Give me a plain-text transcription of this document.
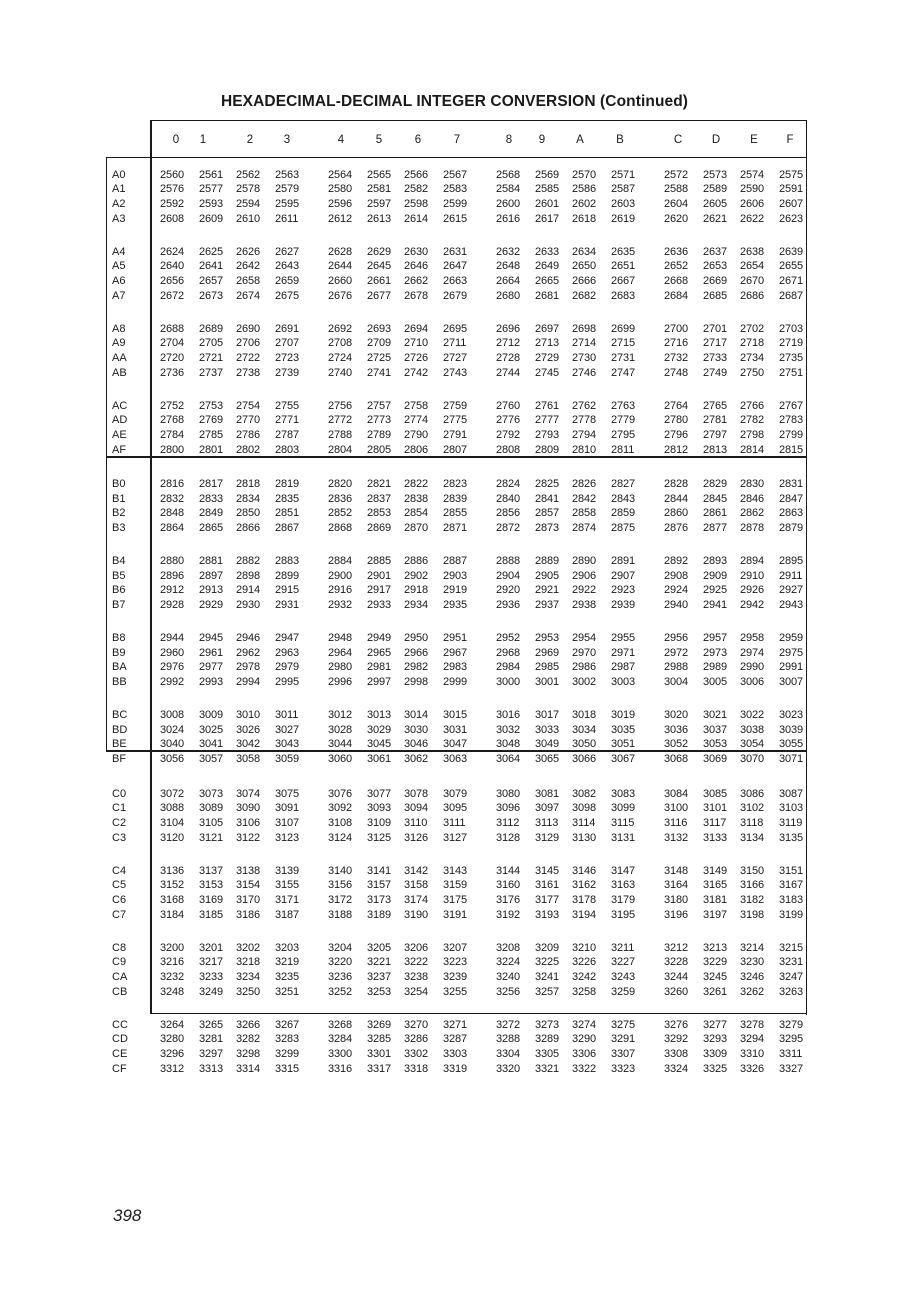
HEXADECIMAL-DECIMAL INTEGER CONVERSION (Continued)
0	1	2	3	4	5	6	7	8	9	A	B	C	D	E	F
A0	2560	2561	2562	2563	2564	2565	2566	2567	2568	2569	2570	2571	2572	2573	2574	2575
A1	2576	2577	2578	2579	2580	2581	2582	2583	2584	2585	2586	2587	2588	2589	2590	2591
A2	2592	2593	2594	2595	2596	2597	2598	2599	2600	2601	2602	2603	2604	2605	2606	2607
A3	2608	2609	2610	2611	2612	2613	2614	2615	2616	2617	2618	2619	2620	2621	2622	2623
A4	2624	2625	2626	2627	2628	2629	2630	2631	2632	2633	2634	2635	2636	2637	2638	2639
A5	2640	2641	2642	2643	2644	2645	2646	2647	2648	2649	2650	2651	2652	2653	2654	2655
A6	2656	2657	2658	2659	2660	2661	2662	2663	2664	2665	2666	2667	2668	2669	2670	2671
A7	2672	2673	2674	2675	2676	2677	2678	2679	2680	2681	2682	2683	2684	2685	2686	2687
A8	2688	2689	2690	2691	2692	2693	2694	2695	2696	2697	2698	2699	2700	2701	2702	2703
A9	2704	2705	2706	2707	2708	2709	2710	2711	2712	2713	2714	2715	2716	2717	2718	2719
AA	2720	2721	2722	2723	2724	2725	2726	2727	2728	2729	2730	2731	2732	2733	2734	2735
AB	2736	2737	2738	2739	2740	2741	2742	2743	2744	2745	2746	2747	2748	2749	2750	2751
AC	2752	2753	2754	2755	2756	2757	2758	2759	2760	2761	2762	2763	2764	2765	2766	2767
AD	2768	2769	2770	2771	2772	2773	2774	2775	2776	2777	2778	2779	2780	2781	2782	2783
AE	2784	2785	2786	2787	2788	2789	2790	2791	2792	2793	2794	2795	2796	2797	2798	2799
AF	2800	2801	2802	2803	2804	2805	2806	2807	2808	2809	2810	2811	2812	2813	2814	2815
B0	2816	2817	2818	2819	2820	2821	2822	2823	2824	2825	2826	2827	2828	2829	2830	2831
B1	2832	2833	2834	2835	2836	2837	2838	2839	2840	2841	2842	2843	2844	2845	2846	2847
B2	2848	2849	2850	2851	2852	2853	2854	2855	2856	2857	2858	2859	2860	2861	2862	2863
B3	2864	2865	2866	2867	2868	2869	2870	2871	2872	2873	2874	2875	2876	2877	2878	2879
B4	2880	2881	2882	2883	2884	2885	2886	2887	2888	2889	2890	2891	2892	2893	2894	2895
B5	2896	2897	2898	2899	2900	2901	2902	2903	2904	2905	2906	2907	2908	2909	2910	2911
B6	2912	2913	2914	2915	2916	2917	2918	2919	2920	2921	2922	2923	2924	2925	2926	2927
B7	2928	2929	2930	2931	2932	2933	2934	2935	2936	2937	2938	2939	2940	2941	2942	2943
B8	2944	2945	2946	2947	2948	2949	2950	2951	2952	2953	2954	2955	2956	2957	2958	2959
B9	2960	2961	2962	2963	2964	2965	2966	2967	2968	2969	2970	2971	2972	2973	2974	2975
BA	2976	2977	2978	2979	2980	2981	2982	2983	2984	2985	2986	2987	2988	2989	2990	2991
BB	2992	2993	2994	2995	2996	2997	2998	2999	3000	3001	3002	3003	3004	3005	3006	3007
BC	3008	3009	3010	3011	3012	3013	3014	3015	3016	3017	3018	3019	3020	3021	3022	3023
BD	3024	3025	3026	3027	3028	3029	3030	3031	3032	3033	3034	3035	3036	3037	3038	3039
BE	3040	3041	3042	3043	3044	3045	3046	3047	3048	3049	3050	3051	3052	3053	3054	3055
BF	3056	3057	3058	3059	3060	3061	3062	3063	3064	3065	3066	3067	3068	3069	3070	3071
C0	3072	3073	3074	3075	3076	3077	3078	3079	3080	3081	3082	3083	3084	3085	3086	3087
C1	3088	3089	3090	3091	3092	3093	3094	3095	3096	3097	3098	3099	3100	3101	3102	3103
C2	3104	3105	3106	3107	3108	3109	3110	3111	3112	3113	3114	3115	3116	3117	3118	3119
C3	3120	3121	3122	3123	3124	3125	3126	3127	3128	3129	3130	3131	3132	3133	3134	3135
C4	3136	3137	3138	3139	3140	3141	3142	3143	3144	3145	3146	3147	3148	3149	3150	3151
C5	3152	3153	3154	3155	3156	3157	3158	3159	3160	3161	3162	3163	3164	3165	3166	3167
C6	3168	3169	3170	3171	3172	3173	3174	3175	3176	3177	3178	3179	3180	3181	3182	3183
C7	3184	3185	3186	3187	3188	3189	3190	3191	3192	3193	3194	3195	3196	3197	3198	3199
C8	3200	3201	3202	3203	3204	3205	3206	3207	3208	3209	3210	3211	3212	3213	3214	3215
C9	3216	3217	3218	3219	3220	3221	3222	3223	3224	3225	3226	3227	3228	3229	3230	3231
CA	3232	3233	3234	3235	3236	3237	3238	3239	3240	3241	3242	3243	3244	3245	3246	3247
CB	3248	3249	3250	3251	3252	3253	3254	3255	3256	3257	3258	3259	3260	3261	3262	3263
CC	3264	3265	3266	3267	3268	3269	3270	3271	3272	3273	3274	3275	3276	3277	3278	3279
CD	3280	3281	3282	3283	3284	3285	3286	3287	3288	3289	3290	3291	3292	3293	3294	3295
CE	3296	3297	3298	3299	3300	3301	3302	3303	3304	3305	3306	3307	3308	3309	3310	3311
CF	3312	3313	3314	3315	3316	3317	3318	3319	3320	3321	3322	3323	3324	3325	3326	3327
398
